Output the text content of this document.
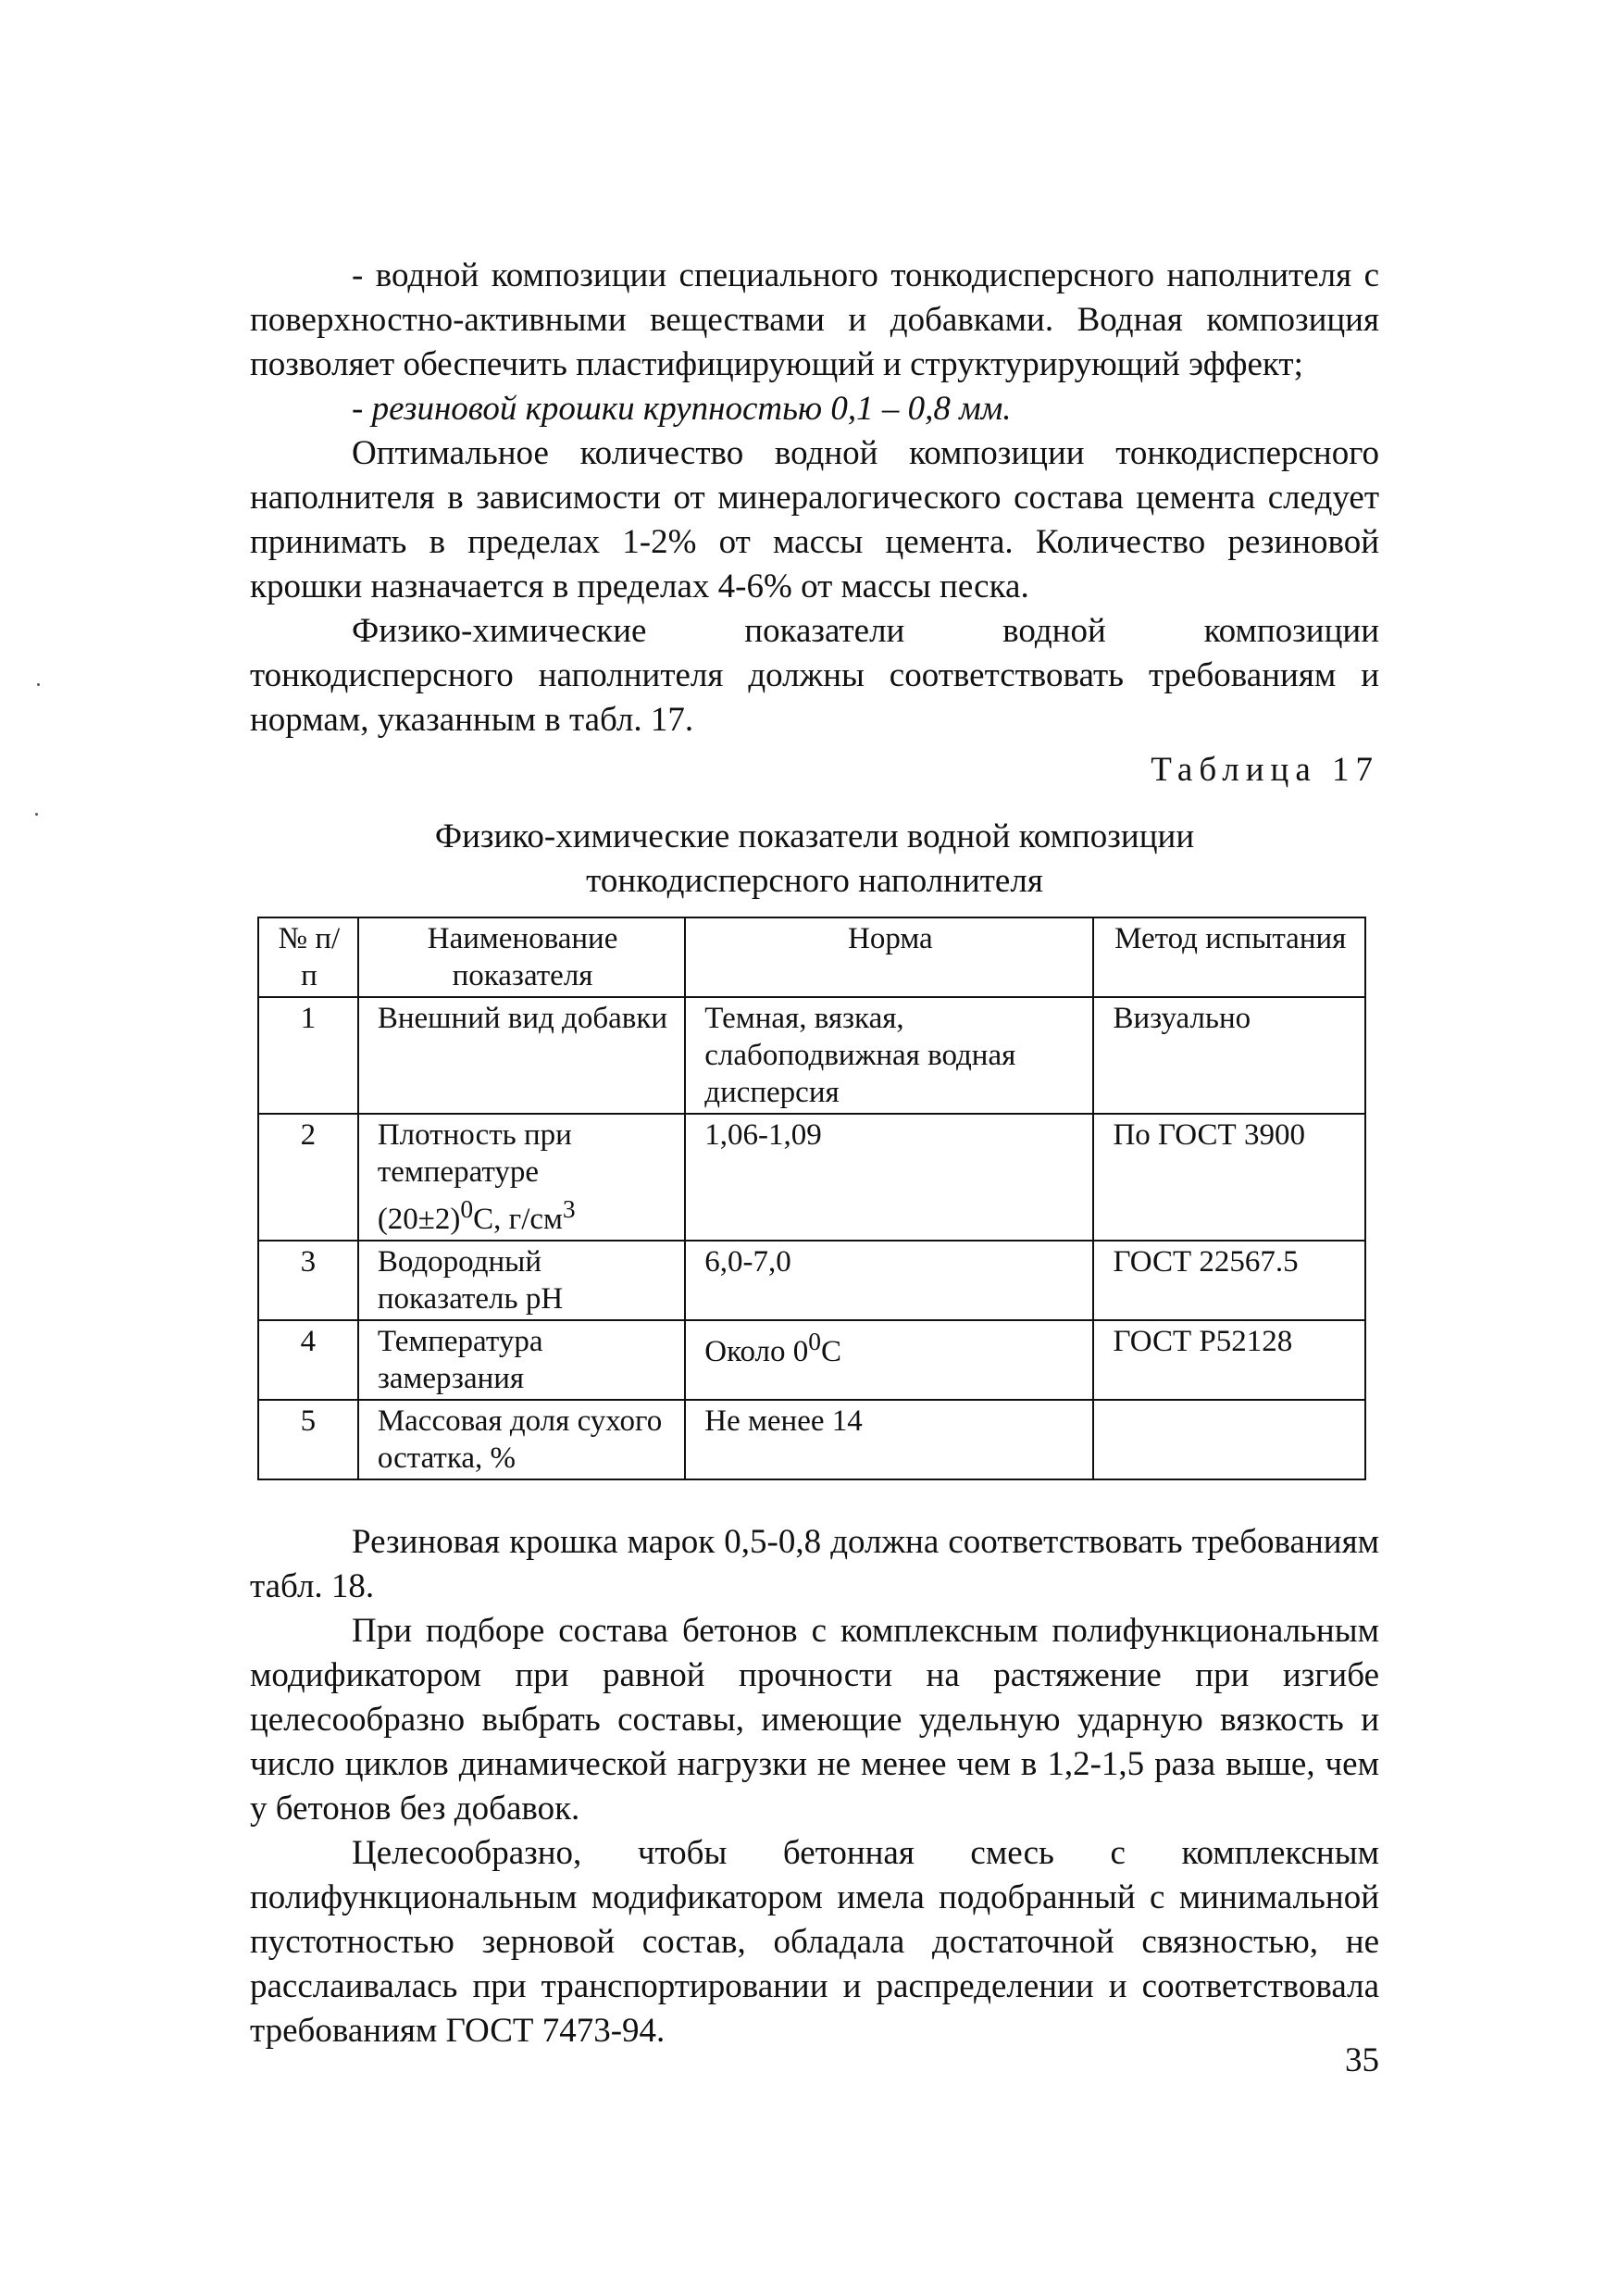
- водной композиции специального тонкодисперсного наполнителя с поверхностно-активными веществами и добавками. Водная композиция позволяет обеспечить пластифицирующий и структурирующий эффект;

- резиновой крошки крупностью 0,1 – 0,8 мм.

Оптимальное количество водной композиции тонкодисперсного наполнителя в зависимости от минералогического состава цемента следует принимать в пределах 1-2% от массы цемента. Количество резиновой крошки назначается в пределах 4-6% от массы песка.

Физико-химические показатели водной композиции тонкодисперсного наполнителя должны соответствовать требованиям и нормам, указанным в табл. 17.

Таблица 17
Физико-химические показатели водной композиции
тонкодисперсного наполнителя
№ п/п	Наименование показателя	Норма	Метод испытания
1	Внешний вид добавки	Темная, вязкая, слабоподвижная водная дисперсия	Визуально
2	Плотность при температуре $(20\pm 2)^0С$, $г/см^3$	1,06-1,09	По ГОСТ 3900
3	Водородный показатель рН	6,0-7,0	ГОСТ 22567.5
4	Температура замерзания	Около $0^0С$	ГОСТ Р52128
5	Массовая доля сухого остатка, %	Не менее 14	

Резиновая крошка марок 0,5-0,8 должна соответствовать требованиям табл. 18.

При подборе состава бетонов с комплексным полифункциональным модификатором при равной прочности на растяжение при изгибе целесообразно выбрать составы, имеющие удельную ударную вязкость и число циклов динамической нагрузки не менее чем в 1,2-1,5 раза выше, чем у бетонов без добавок.

Целесообразно, чтобы бетонная смесь с комплексным полифункциональным модификатором имела подобранный с минимальной пустотностью зерновой состав, обладала достаточной связностью, не расслаивалась при транспортировании и распределении и соответствовала требованиям ГОСТ 7473-94.

35
